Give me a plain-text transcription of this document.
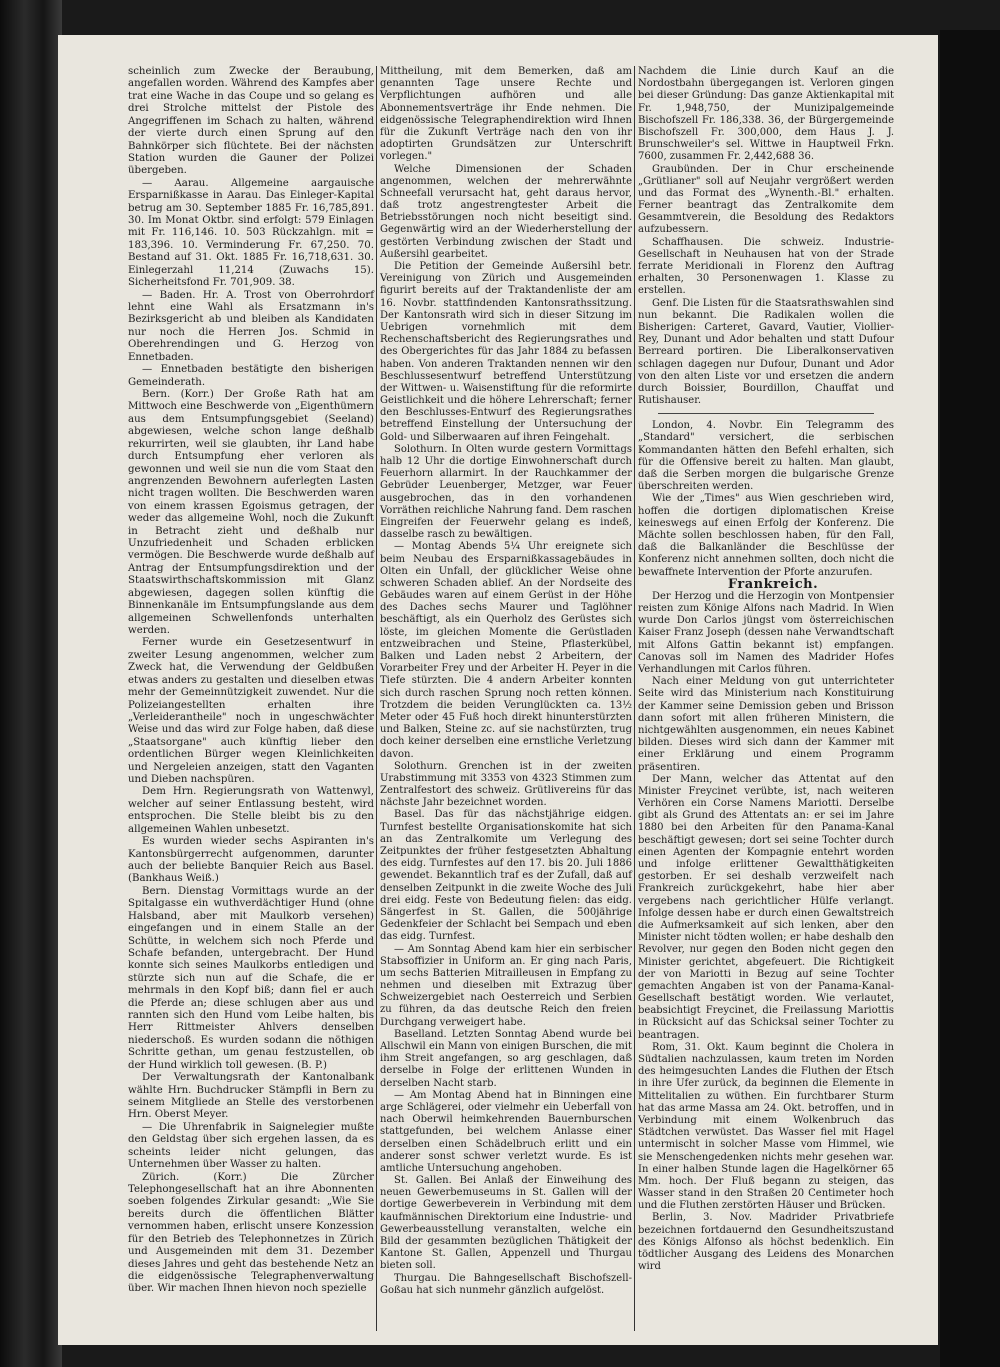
scheinlich zum Zwecke der Beraubung, angefallen worden. Während des Kampfes aber trat eine Wache in das Coupe und so gelang es drei Strolche mittelst der Pistole des Angegriffenen im Schach zu halten, während der vierte durch einen Sprung auf den Bahnkörper sich flüchtete. Bei der nächsten Station wurden die Gauner der Polizei übergeben.

— Aarau. Allgemeine aargauische Ersparnißkasse in Aarau. Das Einleger-Kapital betrug am 30. September 1885 Fr. 16,785,891. 30. Im Monat Oktbr. sind erfolgt: 579 Einlagen mit Fr. 116,146. 10. 503 Rückzahlgn. mit = 183,396. 10. Verminderung Fr. 67,250. 70. Bestand auf 31. Okt. 1885 Fr. 16,718,631. 30. Einlegerzahl 11,214 (Zuwachs 15). Sicherheitsfond Fr. 701,909. 38.

— Baden. Hr. A. Trost von Oberrohrdorf lehnt eine Wahl als Ersatzmann in's Bezirksgericht ab und bleiben als Kandidaten nur noch die Herren Jos. Schmid in Oberehrendingen und G. Herzog von Ennetbaden.

— Ennetbaden bestätigte den bisherigen Gemeinderath.

Bern. (Korr.) Der Große Rath hat am Mittwoch eine Beschwerde von „Eigenthümern aus dem Entsumpfungsgebiet (Seeland) abgewiesen, welche schon lange deßhalb rekurrirten, weil sie glaubten, ihr Land habe durch Entsumpfung eher verloren als gewonnen und weil sie nun die vom Staat den angrenzenden Bewohnern auferlegten Lasten nicht tragen wollten. Die Beschwerden waren von einem krassen Egoismus getragen, der weder das allgemeine Wohl, noch die Zukunft in Betracht zieht und deßhalb nur Unzufriedenheit und Schaden erblicken vermögen. Die Beschwerde wurde deßhalb auf Antrag der Entsumpfungsdirektion und der Staatswirthschaftskommission mit Glanz abgewiesen, dagegen sollen künftig die Binnenkanäle im Entsumpfungslande aus dem allgemeinen Schwellenfonds unterhalten werden.

Ferner wurde ein Gesetzesentwurf in zweiter Lesung angenommen, welcher zum Zweck hat, die Verwendung der Geldbußen etwas anders zu gestalten und dieselben etwas mehr der Gemeinnützigkeit zuwendet. Nur die Polizeiangestellten erhalten ihre „Verleiderantheile" noch in ungeschwächter Weise und das wird zur Folge haben, daß diese „Staatsorgane" auch künftig lieber den ordentlichen Bürger wegen Kleinlichkeiten und Nergeleien anzeigen, statt den Vaganten und Dieben nachspüren.

Dem Hrn. Regierungsrath von Wattenwyl, welcher auf seiner Entlassung besteht, wird entsprochen. Die Stelle bleibt bis zu den allgemeinen Wahlen unbesetzt.

Es wurden wieder sechs Aspiranten in's Kantonsbürgerrecht aufgenommen, darunter auch der beliebte Banquier Reich aus Basel. (Bankhaus Weiß.)

Bern. Dienstag Vormittags wurde an der Spitalgasse ein wuthverdächtiger Hund (ohne Halsband, aber mit Maulkorb versehen) eingefangen und in einem Stalle an der Schütte, in welchem sich noch Pferde und Schafe befanden, untergebracht. Der Hund konnte sich seines Maulkorbs entledigen und stürzte sich nun auf die Schafe, die er mehrmals in den Kopf biß; dann fiel er auch die Pferde an; diese schlugen aber aus und rannten sich den Hund vom Leibe halten, bis Herr Rittmeister Ahlvers denselben niederschoß. Es wurden sodann die nöthigen Schritte gethan, um genau festzustellen, ob der Hund wirklich toll gewesen. (B. P.)

Der Verwaltungsrath der Kantonalbank wählte Hrn. Buchdrucker Stämpfli in Bern zu seinem Mitgliede an Stelle des verstorbenen Hrn. Oberst Meyer.

— Die Uhrenfabrik in Saignelegier mußte den Geldstag über sich ergehen lassen, da es scheints leider nicht gelungen, das Unternehmen über Wasser zu halten.

Zürich. (Korr.) Die Zürcher Telephongesellschaft hat an ihre Abonnenten soeben folgendes Zirkular gesandt: „Wie Sie bereits durch die öffentlichen Blätter vernommen haben, erlischt unsere Konzession für den Betrieb des Telephonnetzes in Zürich und Ausgemeinden mit dem 31. Dezember dieses Jahres und geht das bestehende Netz an die eidgenössische Telegraphenverwaltung über. Wir machen Ihnen hievon noch spezielle

Mittheilung, mit dem Bemerken, daß am genannten Tage unsere Rechte und Verpflichtungen aufhören und alle Abonnementsverträge ihr Ende nehmen. Die eidgenössische Telegraphendirektion wird Ihnen für die Zukunft Verträge nach den von ihr adoptirten Grundsätzen zur Unterschrift vorlegen."

Welche Dimensionen der Schaden angenommen, welchen der mehrerwähnte Schneefall verursacht hat, geht daraus hervor, daß trotz angestrengtester Arbeit die Betriebsstörungen noch nicht beseitigt sind. Gegenwärtig wird an der Wiederherstellung der gestörten Verbindung zwischen der Stadt und Außersihl gearbeitet.

Die Petition der Gemeinde Außersihl betr. Vereinigung von Zürich und Ausgemeinden figurirt bereits auf der Traktandenliste der am 16. Novbr. stattfindenden Kantonsrathssitzung. Der Kantonsrath wird sich in dieser Sitzung im Uebrigen vornehmlich mit dem Rechenschaftsbericht des Regierungsrathes und des Obergerichtes für das Jahr 1884 zu befassen haben. Von anderen Traktanden nennen wir den Beschlussesentwurf betreffend Unterstützung der Wittwen- u. Waisenstiftung für die reformirte Geistlichkeit und die höhere Lehrerschaft; ferner den Beschlusses-Entwurf des Regierungsrathes betreffend Einstellung der Untersuchung der Gold- und Silberwaaren auf ihren Feingehalt.

Solothurn. In Olten wurde gestern Vormittags halb 12 Uhr die dortige Einwohnerschaft durch Feuerhorn allarmirt. In der Rauchkammer der Gebrüder Leuenberger, Metzger, war Feuer ausgebrochen, das in den vorhandenen Vorräthen reichliche Nahrung fand. Dem raschen Eingreifen der Feuerwehr gelang es indeß, dasselbe rasch zu bewältigen.

— Montag Abends 5¼ Uhr ereignete sich beim Neubau des Ersparnißkassagebäudes in Olten ein Unfall, der glücklicher Weise ohne schweren Schaden ablief. An der Nordseite des Gebäudes waren auf einem Gerüst in der Höhe des Daches sechs Maurer und Taglöhner beschäftigt, als ein Querholz des Gerüstes sich löste, im gleichen Momente die Gerüstladen entzweibrachen und Steine, Pflasterkübel, Balken und Laden nebst 2 Arbeitern, der Vorarbeiter Frey und der Arbeiter H. Peyer in die Tiefe stürzten. Die 4 andern Arbeiter konnten sich durch raschen Sprung noch retten können. Trotzdem die beiden Verunglückten ca. 13½ Meter oder 45 Fuß hoch direkt hinunterstürzten und Balken, Steine zc. auf sie nachstürzten, trug doch keiner derselben eine ernstliche Verletzung davon.

Solothurn. Grenchen ist in der zweiten Urabstimmung mit 3353 von 4323 Stimmen zum Zentralfestort des schweiz. Grütlivereins für das nächste Jahr bezeichnet worden.

Basel. Das für das nächstjährige eidgen. Turnfest bestellte Organisationskomite hat sich an das Zentralkomite um Verlegung des Zeitpunktes der früher festgesetzten Abhaltung des eidg. Turnfestes auf den 17. bis 20. Juli 1886 gewendet. Bekanntlich traf es der Zufall, daß auf denselben Zeitpunkt in die zweite Woche des Juli drei eidg. Feste von Bedeutung fielen: das eidg. Sängerfest in St. Gallen, die 500jährige Gedenkfeier der Schlacht bei Sempach und eben das eidg. Turnfest.

— Am Sonntag Abend kam hier ein serbischer Stabsoffizier in Uniform an. Er ging nach Paris, um sechs Batterien Mitrailleusen in Empfang zu nehmen und dieselben mit Extrazug über Schweizergebiet nach Oesterreich und Serbien zu führen, da das deutsche Reich den freien Durchgang verweigert habe.

Baselland. Letzten Sonntag Abend wurde bei Allschwil ein Mann von einigen Burschen, die mit ihm Streit angefangen, so arg geschlagen, daß derselbe in Folge der erlittenen Wunden in derselben Nacht starb.

— Am Montag Abend hat in Binningen eine arge Schlägerei, oder vielmehr ein Ueberfall von nach Oberwil heimkehrenden Bauernburschen stattgefunden, bei welchem Anlasse einer derselben einen Schädelbruch erlitt und ein anderer sonst schwer verletzt wurde. Es ist amtliche Untersuchung angehoben.

St. Gallen. Bei Anlaß der Einweihung des neuen Gewerbemuseums in St. Gallen will der dortige Gewerbeverein in Verbindung mit dem kaufmännischen Direktorium eine Industrie- und Gewerbeausstellung veranstalten, welche ein Bild der gesammten bezüglichen Thätigkeit der Kantone St. Gallen, Appenzell und Thurgau bieten soll.

Thurgau. Die Bahngesellschaft Bischofszell-Goßau hat sich nunmehr gänzlich aufgelöst.

Nachdem die Linie durch Kauf an die Nordostbahn übergegangen ist. Verloren gingen bei dieser Gründung: Das ganze Aktienkapital mit Fr. 1,948,750, der Munizipalgemeinde Bischofszell Fr. 186,338. 36, der Bürgergemeinde Bischofszell Fr. 300,000, dem Haus J. J. Brunschweiler's sel. Wittwe in Hauptweil Frkn. 7600, zusammen Fr. 2,442,688 36.

Graubünden. Der in Chur erscheinende „Grütlianer" soll auf Neujahr vergrößert werden und das Format des „Wynenth.-Bl." erhalten. Ferner beantragt das Zentralkomite dem Gesammtverein, die Besoldung des Redaktors aufzubessern.

Schaffhausen. Die schweiz. Industrie-Gesellschaft in Neuhausen hat von der Strade ferrate Meridionali in Florenz den Auftrag erhalten, 30 Personenwagen 1. Klasse zu erstellen.

Genf. Die Listen für die Staatsrathswahlen sind nun bekannt. Die Radikalen wollen die Bisherigen: Carteret, Gavard, Vautier, Viollier-Rey, Dunant und Ador behalten und statt Dufour Berreard portiren. Die Liberalkonservativen schlagen dagegen nur Dufour, Dunant und Ador von den alten Liste vor und ersetzen die andern durch Boissier, Bourdillon, Chauffat und Rutishauser.

London, 4. Novbr. Ein Telegramm des „Standard" versichert, die serbischen Kommandanten hätten den Befehl erhalten, sich für die Offensive bereit zu halten. Man glaubt, daß die Serben morgen die bulgarische Grenze überschreiten werden.

Wie der „Times" aus Wien geschrieben wird, hoffen die dortigen diplomatischen Kreise keineswegs auf einen Erfolg der Konferenz. Die Mächte sollen beschlossen haben, für den Fall, daß die Balkanländer die Beschlüsse der Konferenz nicht annehmen sollten, doch nicht die bewaffnete Intervention der Pforte anzurufen.

Frankreich.

Der Herzog und die Herzogin von Montpensier reisten zum Könige Alfons nach Madrid. In Wien wurde Don Carlos jüngst vom österreichischen Kaiser Franz Joseph (dessen nahe Verwandtschaft mit Alfons Gattin bekannt ist) empfangen. Canovas soll im Namen des Madrider Hofes Verhandlungen mit Carlos führen.

Nach einer Meldung von gut unterrichteter Seite wird das Ministerium nach Konstituirung der Kammer seine Demission geben und Brisson dann sofort mit allen früheren Ministern, die nichtgewählten ausgenommen, ein neues Kabinet bilden. Dieses wird sich dann der Kammer mit einer Erklärung und einem Programm präsentiren.

Der Mann, welcher das Attentat auf den Minister Freycinet verübte, ist, nach weiteren Verhören ein Corse Namens Mariotti. Derselbe gibt als Grund des Attentats an: er sei im Jahre 1880 bei den Arbeiten für den Panama-Kanal beschäftigt gewesen; dort sei seine Tochter durch einen Agenten der Kompagnie entehrt worden und infolge erlittener Gewaltthätigkeiten gestorben. Er sei deshalb verzweifelt nach Frankreich zurückgekehrt, habe hier aber vergebens nach gerichtlicher Hülfe verlangt. Infolge dessen habe er durch einen Gewaltstreich die Aufmerksamkeit auf sich lenken, aber den Minister nicht tödten wollen; er habe deshalb den Revolver, nur gegen den Boden nicht gegen den Minister gerichtet, abgefeuert. Die Richtigkeit der von Mariotti in Bezug auf seine Tochter gemachten Angaben ist von der Panama-Kanal-Gesellschaft bestätigt worden. Wie verlautet, beabsichtigt Freycinet, die Freilassung Mariottis in Rücksicht auf das Schicksal seiner Tochter zu beantragen.

Rom, 31. Okt. Kaum beginnt die Cholera in Südtalien nachzulassen, kaum treten im Norden des heimgesuchten Landes die Fluthen der Etsch in ihre Ufer zurück, da beginnen die Elemente in Mittelitalien zu wüthen. Ein furchtbarer Sturm hat das arme Massa am 24. Okt. betroffen, und in Verbindung mit einem Wolkenbruch das Städtchen verwüstet. Das Wasser fiel mit Hagel untermischt in solcher Masse vom Himmel, wie sie Menschengedenken nichts mehr gesehen war. In einer halben Stunde lagen die Hagelkörner 65 Mm. hoch. Der Fluß begann zu steigen, das Wasser stand in den Straßen 20 Centimeter hoch und die Fluthen zerstörten Häuser und Brücken.

Berlin, 3. Nov. Madrider Privatbriefe bezeichnen fortdauernd den Gesundheitszustand des Königs Alfonso als höchst bedenklich. Ein tödtlicher Ausgang des Leidens des Monarchen wird
